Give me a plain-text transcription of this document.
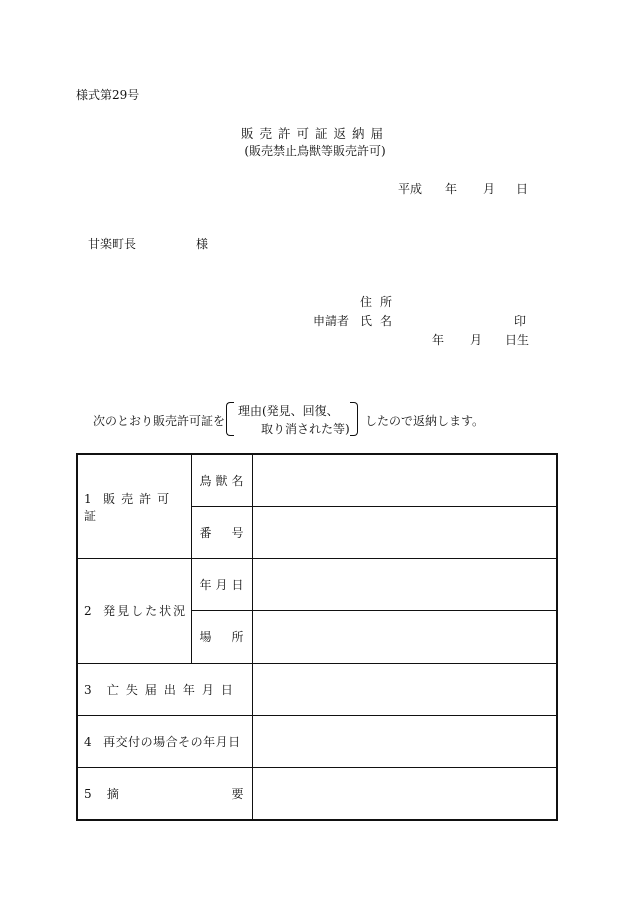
様式第29号
販売許可証返納届
(販売禁止鳥獣等販売許可)
平成 年 月 日
甘楽町長	様
住所
申請者 氏名	印
年 月 日生
次のとおり販売許可証を
理由(発見、回復、
取り消された等)
したので返納します。
1 販売許可証	鳥獣名	
	番号	
2 発見した状況	年月日	
	場所	
3 亡失届出年月日		
4 再交付の場合その年月日		

5 摘 要		
